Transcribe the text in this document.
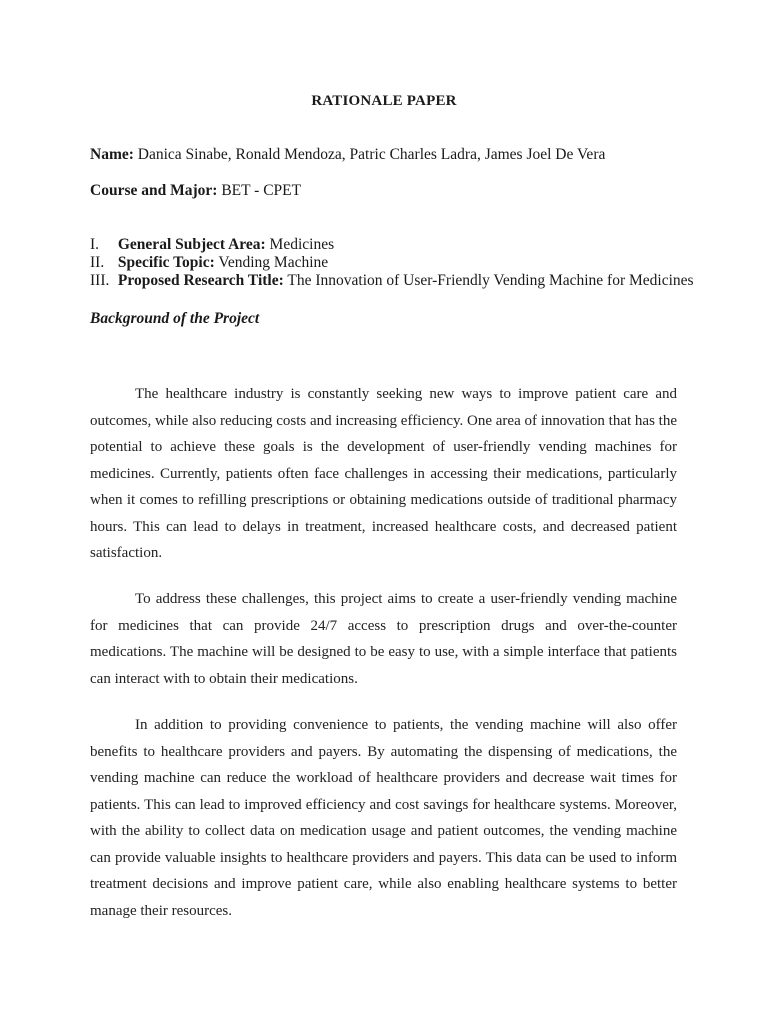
RATIONALE PAPER
Name: Danica Sinabe, Ronald Mendoza, Patric Charles Ladra, James Joel De Vera
Course and Major: BET - CPET
I. General Subject Area: Medicines
II. Specific Topic: Vending Machine
III. Proposed Research Title: The Innovation of User-Friendly Vending Machine for Medicines
Background of the Project

The healthcare industry is constantly seeking new ways to improve patient care and outcomes, while also reducing costs and increasing efficiency. One area of innovation that has the potential to achieve these goals is the development of user-friendly vending machines for medicines. Currently, patients often face challenges in accessing their medications, particularly when it comes to refilling prescriptions or obtaining medications outside of traditional pharmacy hours. This can lead to delays in treatment, increased healthcare costs, and decreased patient satisfaction.

To address these challenges, this project aims to create a user-friendly vending machine for medicines that can provide 24/7 access to prescription drugs and over-the-counter medications. The machine will be designed to be easy to use, with a simple interface that patients can interact with to obtain their medications.

In addition to providing convenience to patients, the vending machine will also offer benefits to healthcare providers and payers. By automating the dispensing of medications, the vending machine can reduce the workload of healthcare providers and decrease wait times for patients. This can lead to improved efficiency and cost savings for healthcare systems. Moreover, with the ability to collect data on medication usage and patient outcomes, the vending machine can provide valuable insights to healthcare providers and payers. This data can be used to inform treatment decisions and improve patient care, while also enabling healthcare systems to better manage their resources.
